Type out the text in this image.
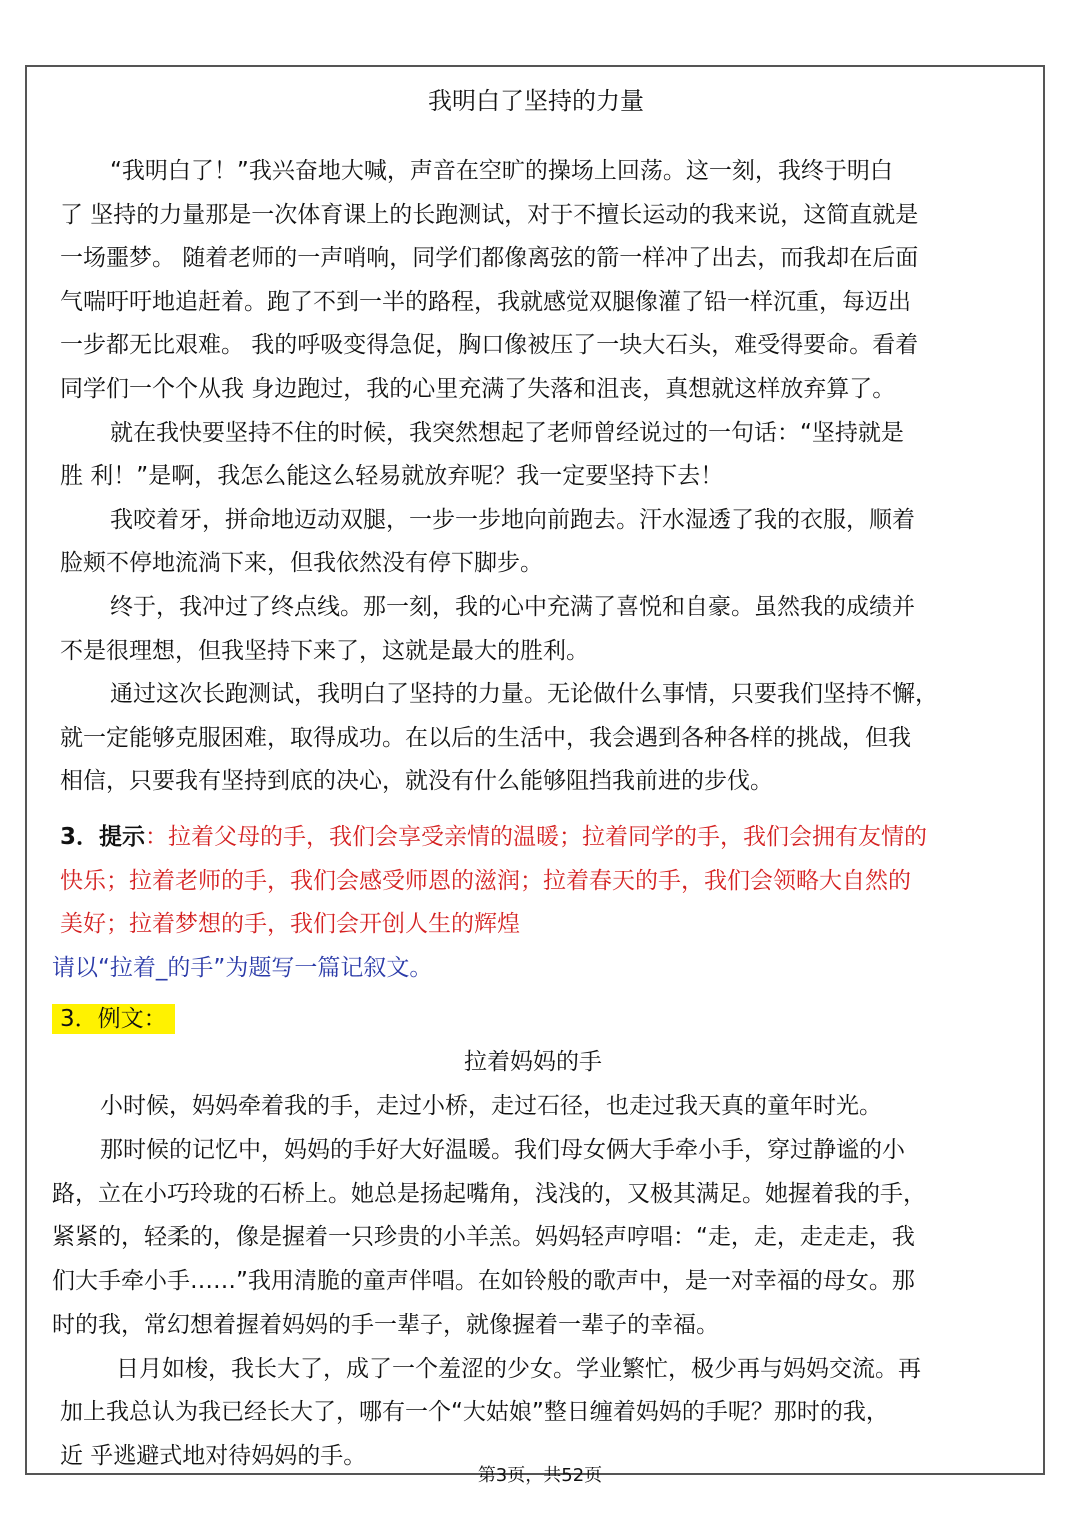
我明白了坚持的力量
“我明白了！”我兴奋地大喊，声音在空旷的操场上回荡。这一刻，我终于明白
了 坚持的力量那是一次体育课上的长跑测试，对于不擅长运动的我来说，这简直就是
一场噩梦。 随着老师的一声哨响，同学们都像离弦的箭一样冲了出去，而我却在后面
气喘吁吁地追赶着。跑了不到一半的路程，我就感觉双腿像灌了铅一样沉重，每迈出
一步都无比艰难。 我的呼吸变得急促，胸口像被压了一块大石头，难受得要命。看着
同学们一个个从我 身边跑过，我的心里充满了失落和沮丧，真想就这样放弃算了。
就在我快要坚持不住的时候，我突然想起了老师曾经说过的一句话：“坚持就是
胜 利！”是啊，我怎么能这么轻易就放弃呢？我一定要坚持下去！
我咬着牙，拼命地迈动双腿，一步一步地向前跑去。汗水湿透了我的衣服，顺着
脸颊不停地流淌下来，但我依然没有停下脚步。
终于，我冲过了终点线。那一刻，我的心中充满了喜悦和自豪。虽然我的成绩并
不是很理想，但我坚持下来了，这就是最大的胜利。
通过这次长跑测试，我明白了坚持的力量。无论做什么事情，只要我们坚持不懈，
就一定能够克服困难，取得成功。在以后的生活中，我会遇到各种各样的挑战，但我
相信，只要我有坚持到底的决心，就没有什么能够阻挡我前进的步伐。
3．提示：拉着父母的手，我们会享受亲情的温暖；拉着同学的手，我们会拥有友情的
快乐；拉着老师的手，我们会感受师恩的滋润；拉着春天的手，我们会领略大自然的
美好；拉着梦想的手，我们会开创人生的辉煌
请以“拉着_的手”为题写一篇记叙文。
3．例文：
拉着妈妈的手
小时候，妈妈牵着我的手，走过小桥，走过石径，也走过我天真的童年时光。
那时候的记忆中，妈妈的手好大好温暖。我们母女俩大手牵小手，穿过静谧的小
路，立在小巧玲珑的石桥上。她总是扬起嘴角，浅浅的，又极其满足。她握着我的手，
紧紧的，轻柔的，像是握着一只珍贵的小羊羔。妈妈轻声哼唱：“走，走，走走走，我
们大手牵小手……”我用清脆的童声伴唱。在如铃般的歌声中，是一对幸福的母女。那
时的我，常幻想着握着妈妈的手一辈子，就像握着一辈子的幸福。
日月如梭，我长大了，成了一个羞涩的少女。学业繁忙，极少再与妈妈交流。再
加上我总认为我已经长大了，哪有一个“大姑娘”整日缠着妈妈的手呢？那时的我，
近 乎逃避式地对待妈妈的手。
第3页，共52页
